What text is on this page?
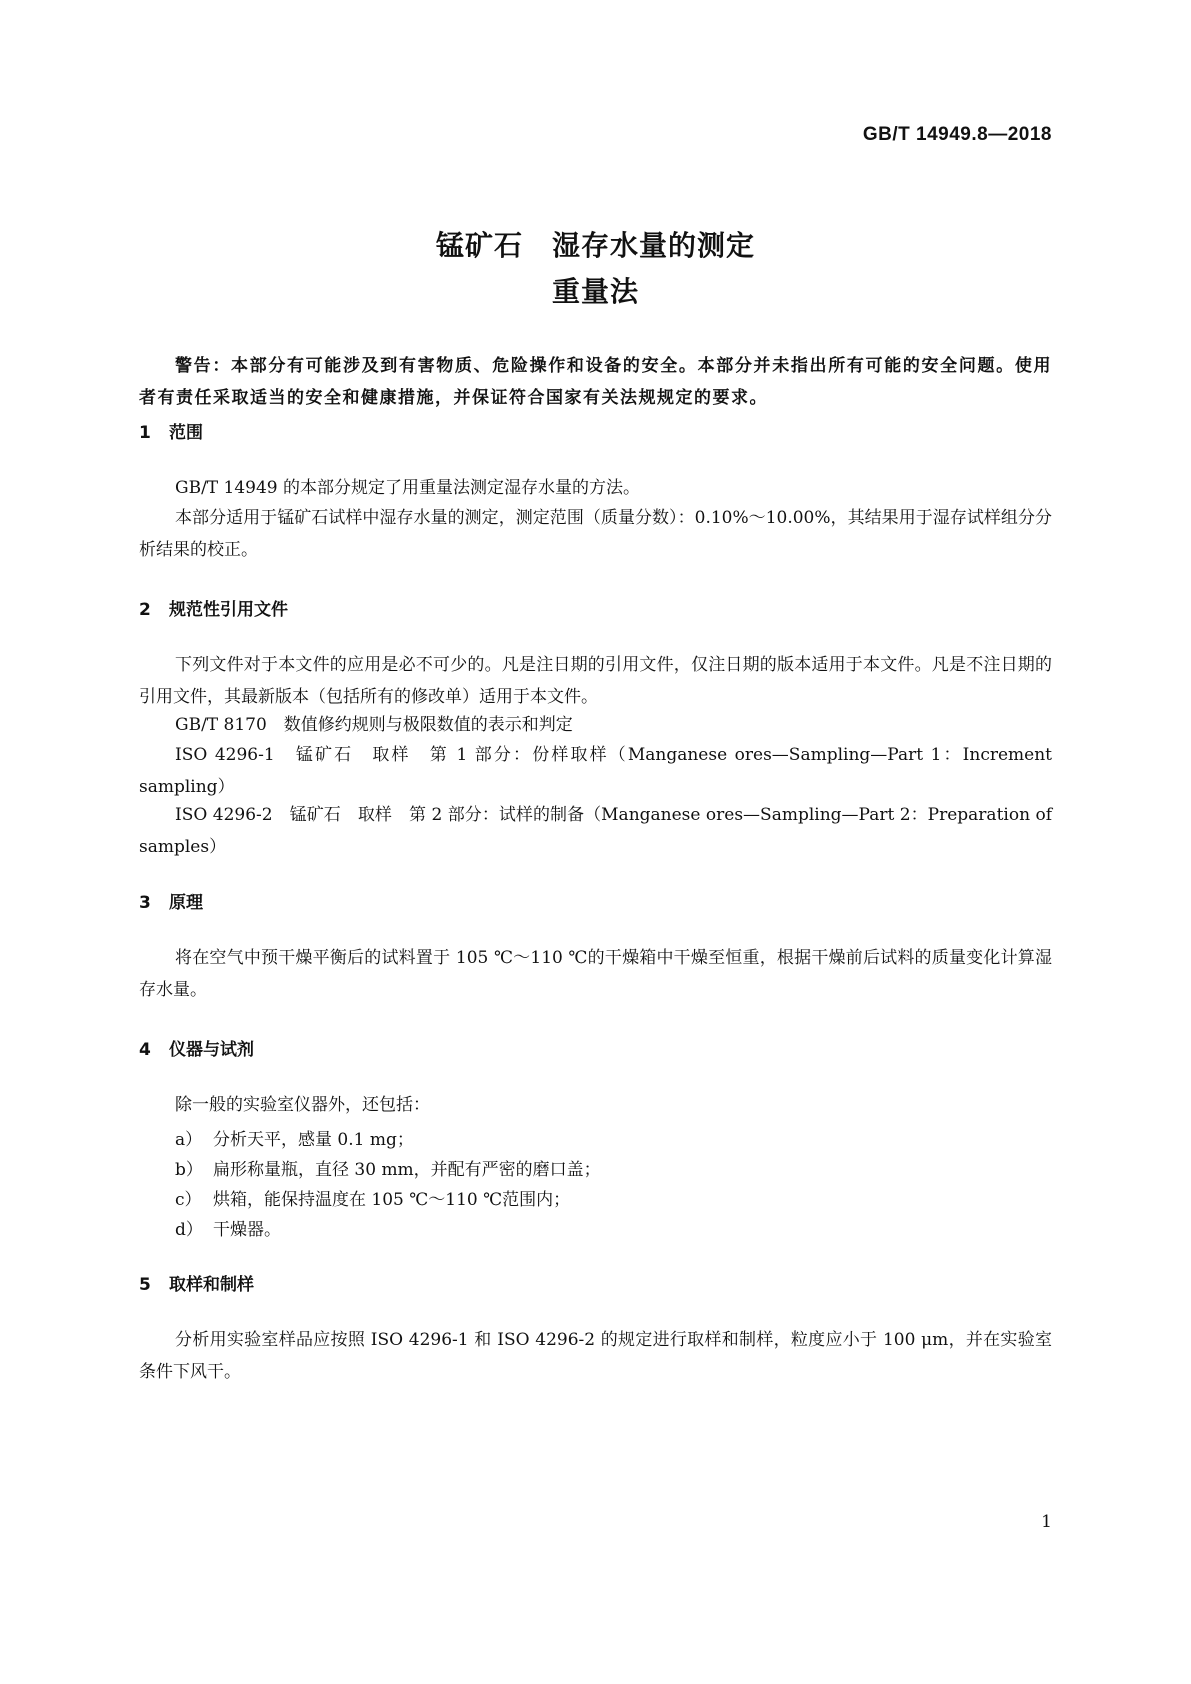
GB/T 14949.8—2018

锰矿石　湿存水量的测定
重量法

警告：本部分有可能涉及到有害物质、危险操作和设备的安全。本部分并未指出所有可能的安全问题。使用者有责任采取适当的安全和健康措施，并保证符合国家有关法规规定的要求。

1 范围

GB/T 14949 的本部分规定了用重量法测定湿存水量的方法。

本部分适用于锰矿石试样中湿存水量的测定，测定范围（质量分数）：0.10%～10.00%，其结果用于湿存试样组分分析结果的校正。

2 规范性引用文件

下列文件对于本文件的应用是必不可少的。凡是注日期的引用文件，仅注日期的版本适用于本文件。凡是不注日期的引用文件，其最新版本（包括所有的修改单）适用于本文件。

GB/T 8170　数值修约规则与极限数值的表示和判定

ISO 4296-1　锰矿石　取样　第 1 部分：份样取样（Manganese ores—Sampling—Part 1：Increment sampling）

ISO 4296-2　锰矿石　取样　第 2 部分：试样的制备（Manganese ores—Sampling—Part 2：Preparation of samples）

3 原理

将在空气中预干燥平衡后的试料置于 105 ℃～110 ℃的干燥箱中干燥至恒重，根据干燥前后试料的质量变化计算湿存水量。

4 仪器与试剂

除一般的实验室仪器外，还包括：

a） 分析天平，感量 0.1 mg；

b） 扁形称量瓶，直径 30 mm，并配有严密的磨口盖；

c） 烘箱，能保持温度在 105 ℃～110 ℃范围内；

d） 干燥器。

5 取样和制样

分析用实验室样品应按照 ISO 4296-1 和 ISO 4296-2 的规定进行取样和制样，粒度应小于 100 μm，并在实验室条件下风干。

1
